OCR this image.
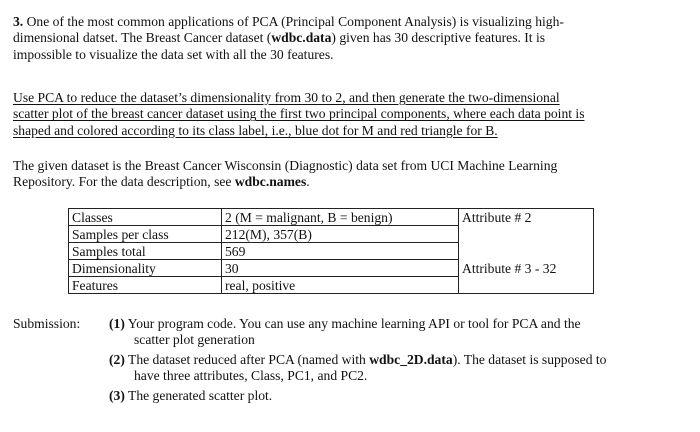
3. One of the most common applications of PCA (Principal Component Analysis) is visualizing high-
dimensional datset. The Breast Cancer dataset (wdbc.data) given has 30 descriptive features. It is
impossible to visualize the data set with all the 30 features.
Use PCA to reduce the dataset’s dimensionality from 30 to 2, and then generate the two-dimensional
scatter plot of the breast cancer dataset using the first two principal components, where each data point is
shaped and colored according to its class label, i.e., blue dot for M and red triangle for B.
The given dataset is the Breast Cancer Wisconsin (Diagnostic) data set from UCI Machine Learning
Repository. For the data description, see wdbc.names.
Classes	2 (M = malignant, B = benign)	Attribute # 2
Samples per class	212(M), 357(B)	
Samples total	569	
Dimensionality	30	Attribute # 3 - 32
Features	real, positive	
Submission: (1) Your program code. You can use any machine learning API or tool for PCA and the
scatter plot generation
(2) The dataset reduced after PCA (named with wdbc_2D.data). The dataset is supposed to
have three attributes, Class, PC1, and PC2.
(3) The generated scatter plot.
